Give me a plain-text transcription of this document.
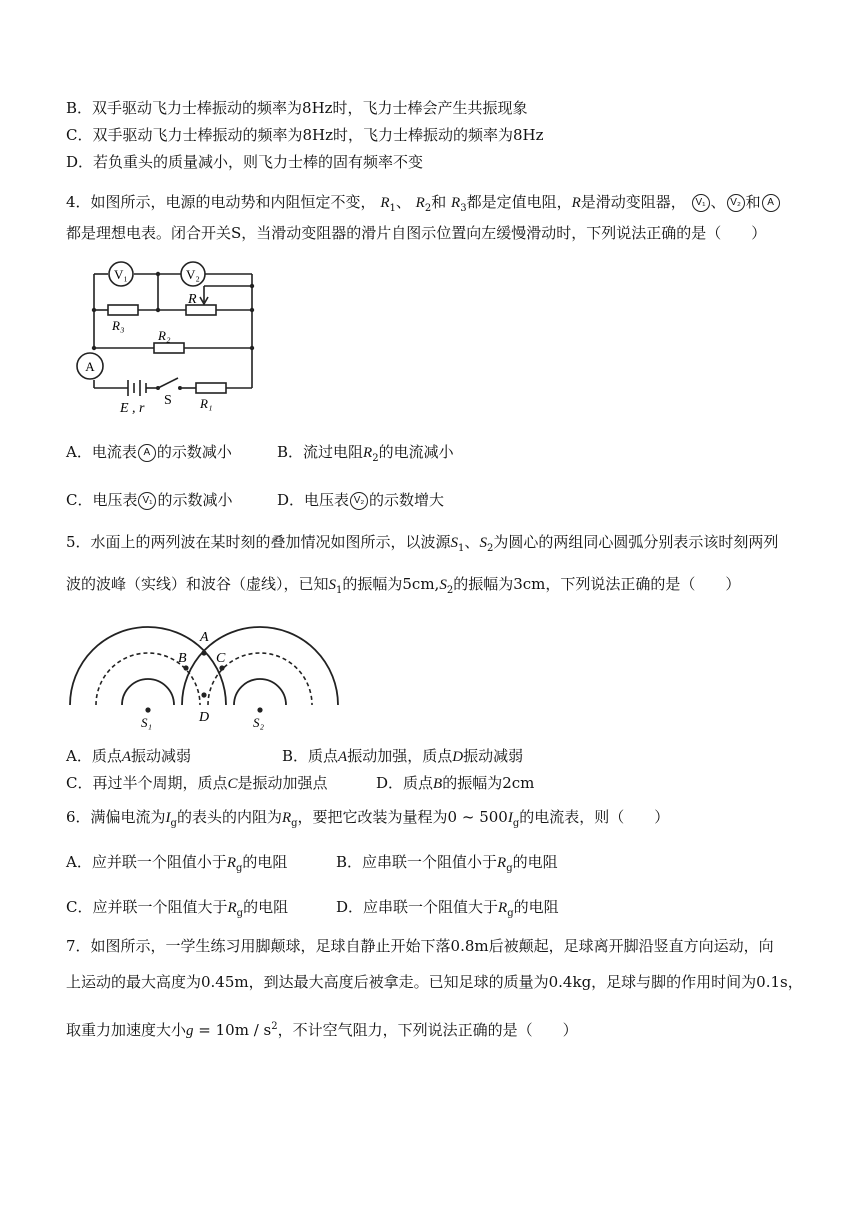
B．双手驱动飞力士棒振动的频率为8Hz时，飞力士棒会产生共振现象
C．双手驱动飞力士棒振动的频率为8Hz时，飞力士棒振动的频率为8Hz
D．若负重头的质量减小，则飞力士棒的固有频率不变
4．如图所示，电源的电动势和内阻恒定不变， $R_1$、 $R_2$和 $R_3$都是定值电阻，R是滑动变阻器， V₁ 、 V₂ 和 A
都是理想电表。闭合开关S，当滑动变阻器的滑片自图示位置向左缓慢滑动时，下列说法正确的是（　　）
V₁	V₂
A
R
R₃
R₂
E , r
S R₁
A．电流表 A 的示数减小	B．流过电阻$R_2$的电流减小
C．电压表 V₁ 的示数减小	D．电压表 V₂ 的示数增大
5．水面上的两列波在某时刻的叠加情况如图所示，以波源$S_1$、$S_2$为圆心的两组同心圆弧分别表示该时刻两列
波的波峰（实线）和波谷（虚线），已知$S_1$的振幅为$5cm,S_2$的振幅为3cm，下列说法正确的是（　　）
A
B C
D
S₁	S₂
A．质点A振动减弱	B．质点A振动加强，质点D振动减弱
C．再过半个周期，质点C是振动加强点	D．质点B的振幅为2cm
6．满偏电流为$I_g$的表头的内阻为$R_g$，要把它改装为量程为0 ~ $500I_g$的电流表，则（　　）
A．应并联一个阻值小于$R_g$的电阻	B．应串联一个阻值小于$R_g$的电阻
C．应并联一个阻值大于$R_g$的电阻	D．应串联一个阻值大于$R_g$的电阻
7．如图所示，一学生练习用脚颠球，足球自静止开始下落0.8m后被颠起，足球离开脚沿竖直方向运动，向
上运动的最大高度为0.45m，到达最大高度后被拿走。已知足球的质量为0.4kg，足球与脚的作用时间为0.1s，
取重力加速度大小$g = 10m / s^2$，不计空气阻力，下列说法正确的是（　　）
